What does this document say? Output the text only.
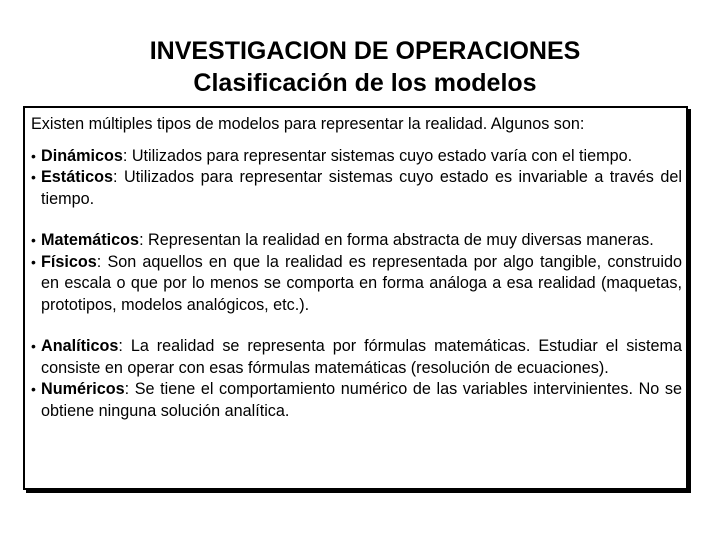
INVESTIGACION DE OPERACIONES
Clasificación de los modelos

Existen múltiples tipos de modelos para representar la realidad. Algunos son:

• Dinámicos: Utilizados para representar sistemas cuyo estado varía con el tiempo.

• Estáticos: Utilizados para representar sistemas cuyo estado es invariable a través del tiempo.

• Matemáticos: Representan la realidad en forma abstracta de muy diversas maneras.

• Físicos: Son aquellos en que la realidad es representada por algo tangible, construido en escala o que por lo menos se comporta en forma análoga a esa realidad (maquetas, prototipos, modelos analógicos, etc.).

• Analíticos: La realidad se representa por fórmulas matemáticas. Estudiar el sistema consiste en operar con esas fórmulas matemáticas (resolución de ecuaciones).

• Numéricos: Se tiene el comportamiento numérico de las variables intervinientes. No se obtiene ninguna solución analítica.
